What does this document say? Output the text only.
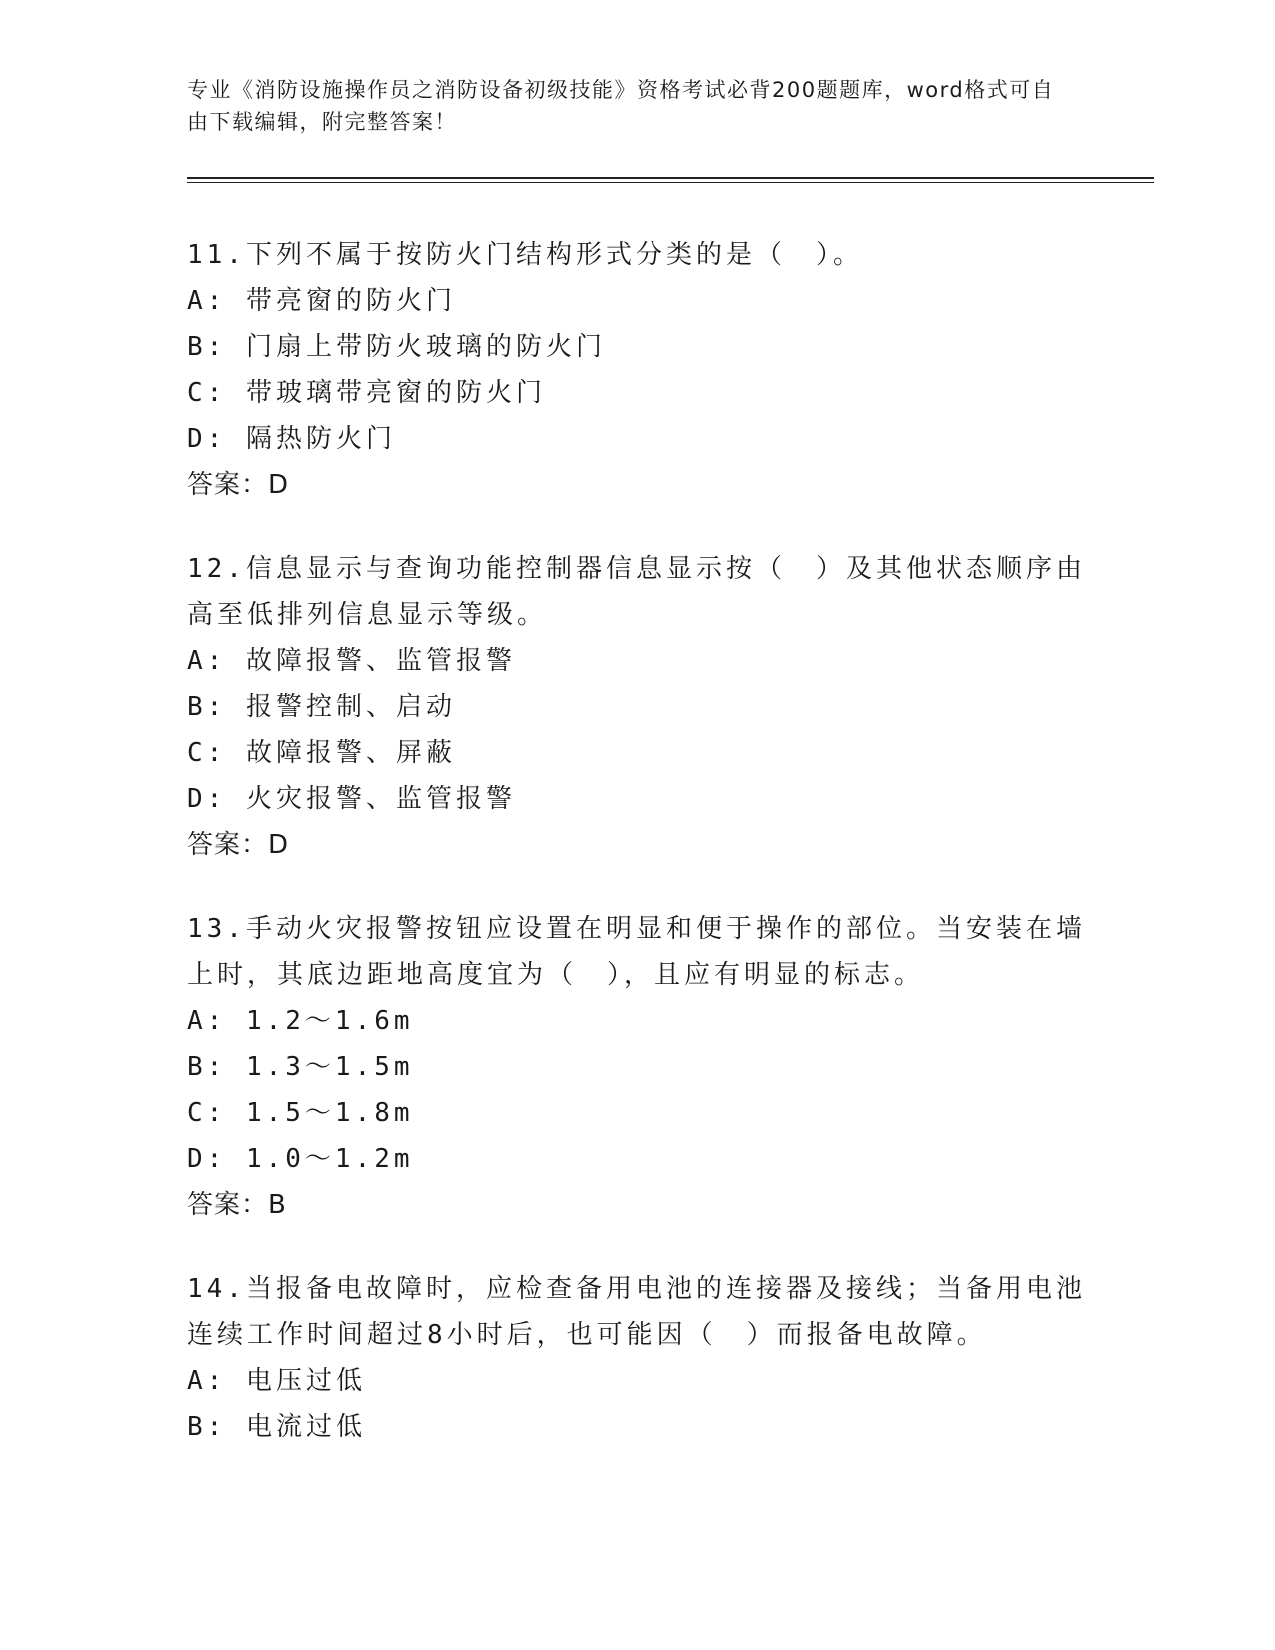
专业《消防设施操作员之消防设备初级技能》资格考试必背200题题库，word格式可自由下载编辑，附完整答案！

11.下列不属于按防火门结构形式分类的是（　）。

A: 带亮窗的防火门
B: 门扇上带防火玻璃的防火门
C: 带玻璃带亮窗的防火门
D: 隔热防火门
答案：D

12.信息显示与查询功能控制器信息显示按（　）及其他状态顺序由高至低排列信息显示等级。

A: 故障报警、监管报警
B: 报警控制、启动
C: 故障报警、屏蔽
D: 火灾报警、监管报警
答案：D

13.手动火灾报警按钮应设置在明显和便于操作的部位。当安装在墙上时，其底边距地高度宜为（　），且应有明显的标志。

A: 1.2～1.6m
B: 1.3～1.5m
C: 1.5～1.8m
D: 1.0～1.2m
答案：B

14.当报备电故障时，应检查备用电池的连接器及接线；当备用电池连续工作时间超过8小时后，也可能因（　）而报备电故障。

A: 电压过低
B: 电流过低
